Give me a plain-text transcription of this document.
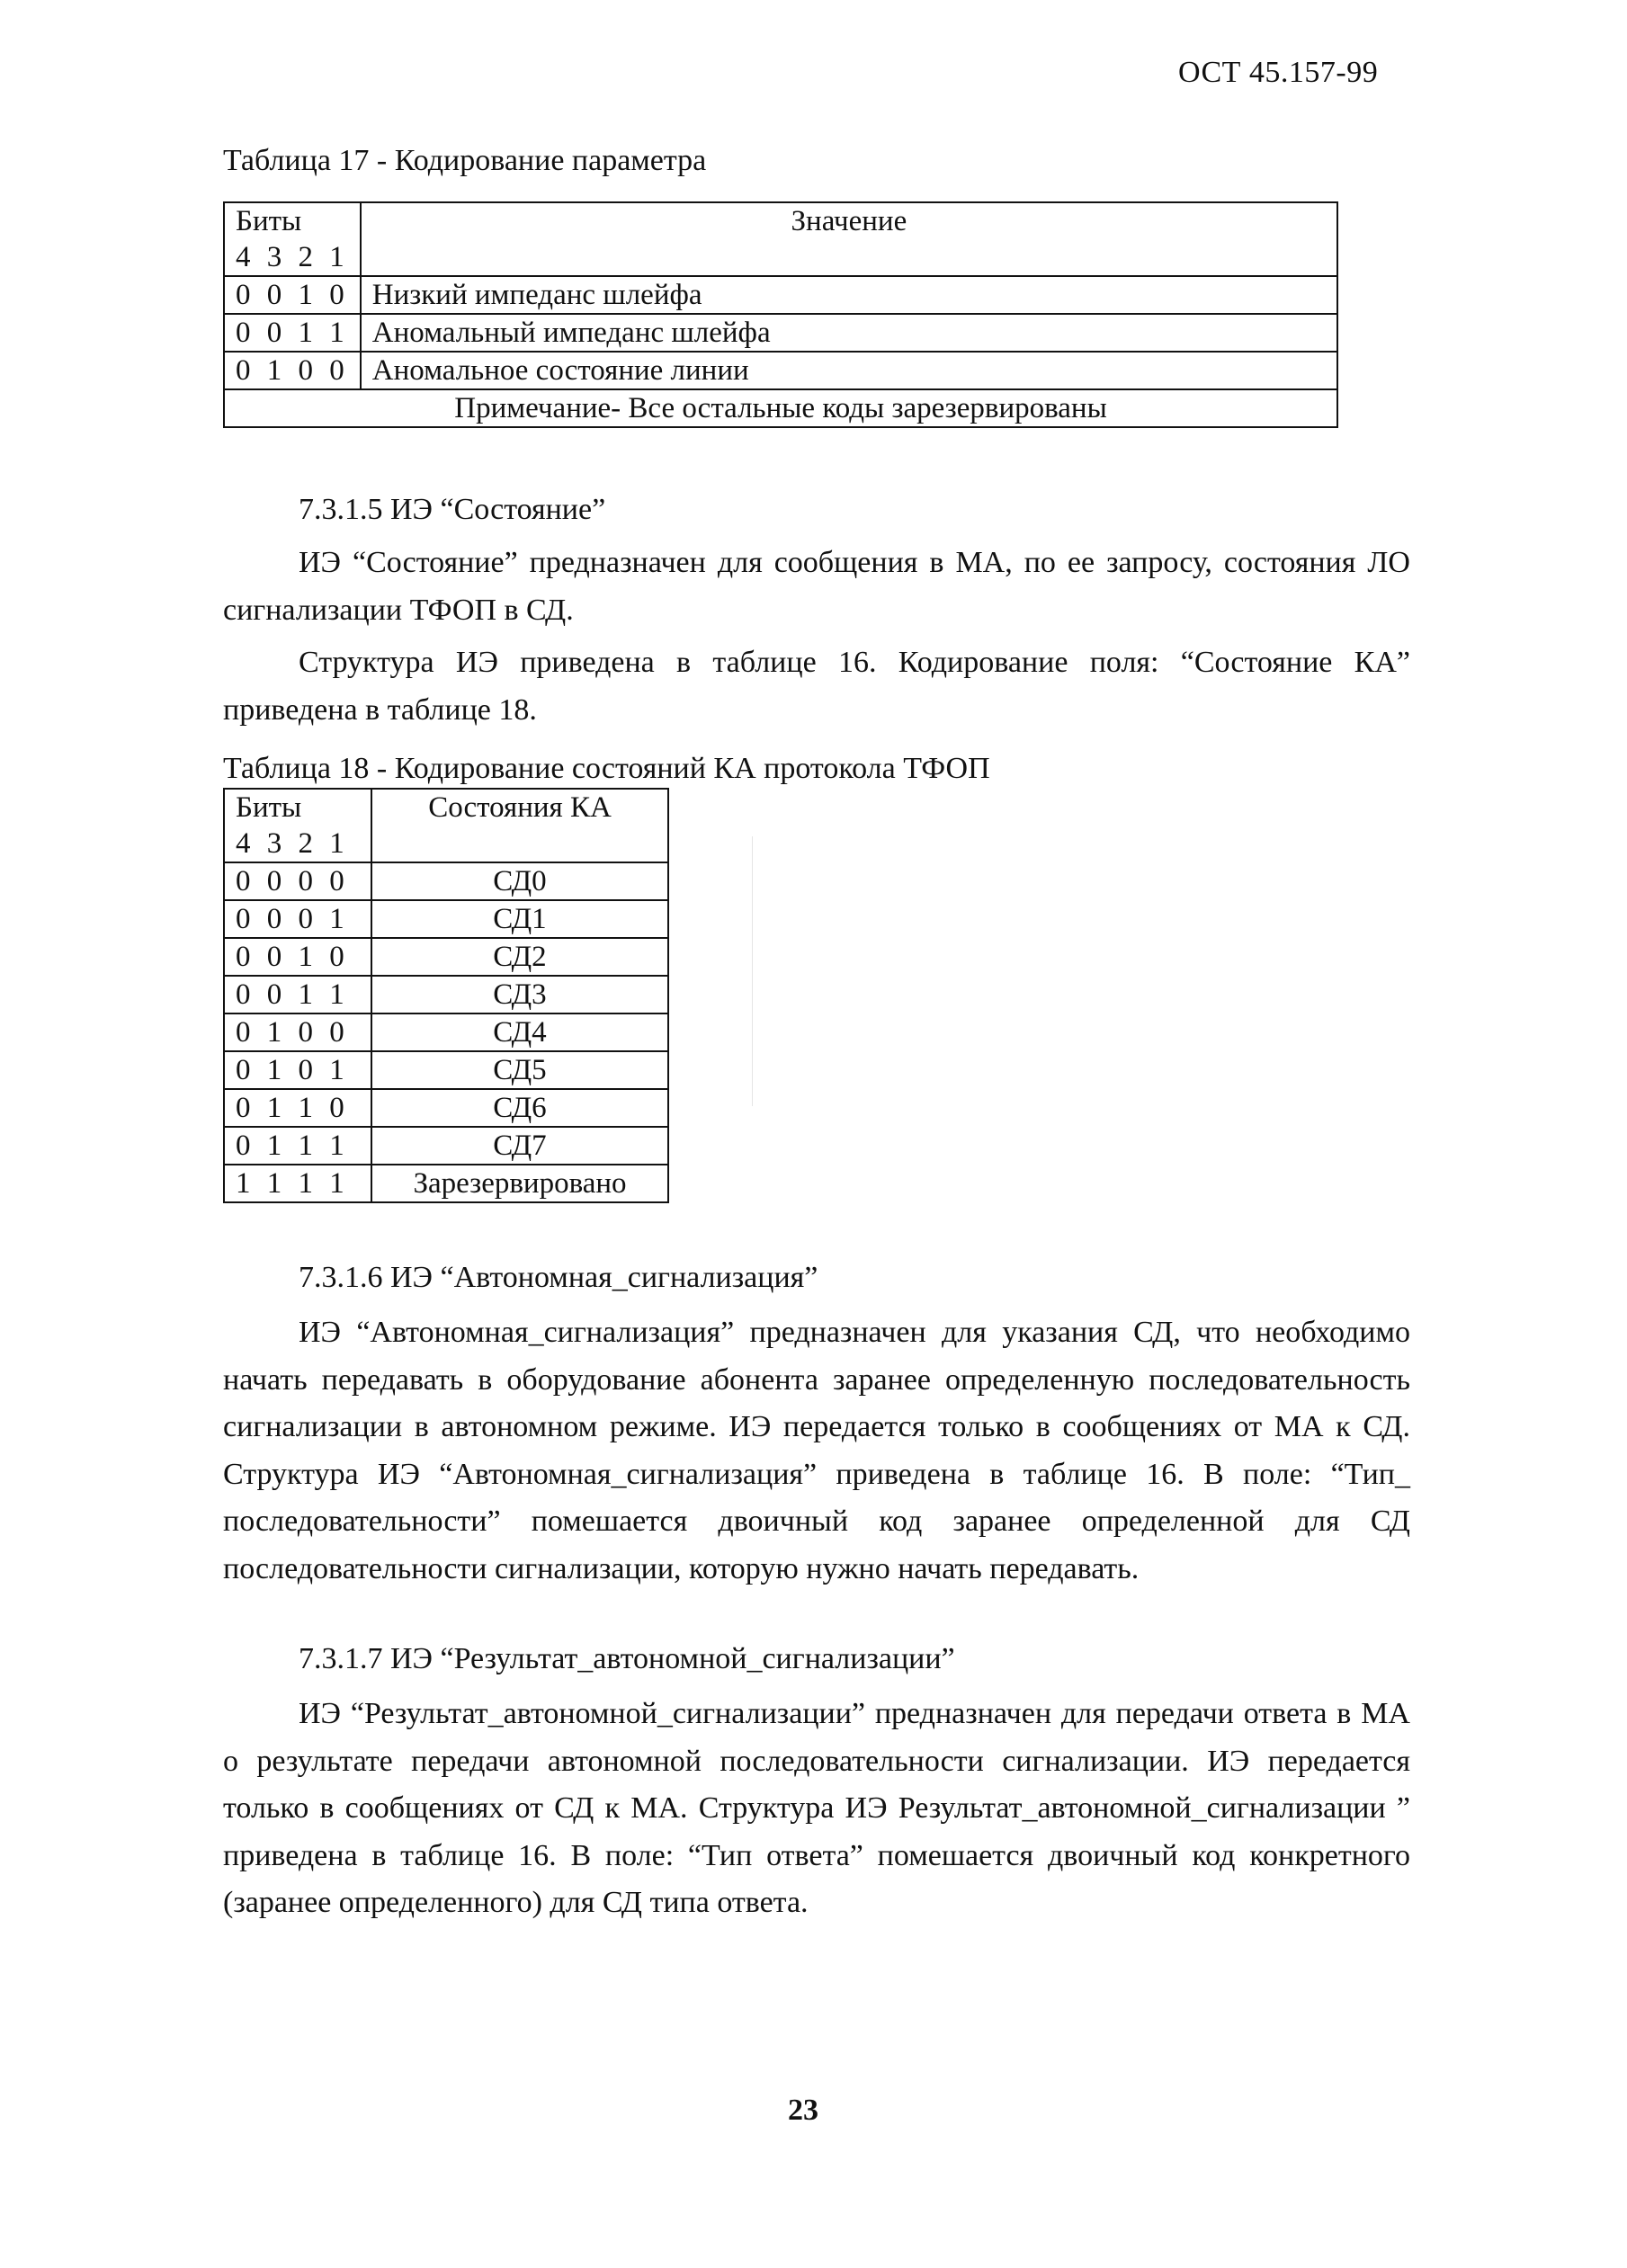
ОСТ 45.157-99
Таблица 17 - Кодирование параметра
Биты
4 3 2 1	Значение
0 0 1 0	Низкий импеданс шлейфа
0 0 1 1	Аномальный импеданс шлейфа
0 1 0 0	Аномальное состояние линии
Примечание- Все остальные коды зарезервированы	
7.3.1.5 ИЭ “Состояние”

ИЭ “Состояние” предназначен для сообщения в МА, по ее запросу, состояния ЛО сигнализации ТФОП в СД.

Структура ИЭ приведена в таблице 16. Кодирование поля: “Состояние КА” приведена в таблице 18.

Таблица 18 - Кодирование состояний КА протокола ТФОП
Биты
4 3 2 1	Состояния КА
0 0 0 0	СД0
0 0 0 1	СД1
0 0 1 0	СД2
0 0 1 1	СД3
0 1 0 0	СД4
0 1 0 1	СД5
0 1 1 0	СД6
0 1 1 1	СД7
1 1 1 1	Зарезервировано
7.3.1.6 ИЭ “Автономная_сигнализация”

ИЭ “Автономная_сигнализация” предназначен для указания СД, что необходимо начать передавать в оборудование абонента заранее определенную последовательность сигнализации в автономном режиме. ИЭ передается только в сообщениях от МА к СД. Структура ИЭ “Автономная_сигнализация” приведена в таблице 16. В поле: “Тип_ последовательности” помешается двоичный код заранее определенной для СД последовательности сигнализации, которую нужно начать передавать.

7.3.1.7 ИЭ “Результат_автономной_сигнализации”

ИЭ “Результат_автономной_сигнализации” предназначен для передачи ответа в МА о результате передачи автономной последовательности сигнализации. ИЭ передается только в сообщениях от СД к МА. Структура ИЭ Результат_автономной_сигнализации ” приведена в таблице 16. В поле: “Тип ответа” помешается двоичный код конкретного (заранее определенного) для СД типа ответа.

23
